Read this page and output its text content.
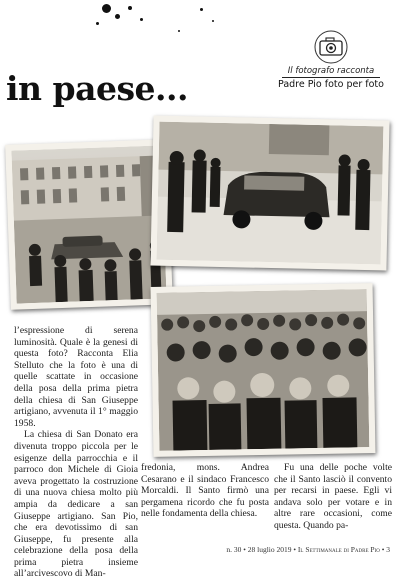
in paese...	Il fotografo racconta
Padre Pio foto per foto

l’espressione di serena luminosità. Quale è la genesi di questa foto? Racconta Elia Stelluto che la foto è una di quelle scattate in occasione della posa della prima pietra della chiesa di San Giuseppe artigiano, avvenuta il 1° maggio 1958.

La chiesa di San Donato era divenuta troppo piccola per le esigenze della parrocchia e il parroco don Michele di Gioia aveva progettato la costruzione di una nuova chiesa molto più ampia da dedicare a san Giuseppe artigiano. San Pio, che era devotissimo di san Giuseppe, fu presente alla celebrazione della posa della prima pietra insieme all’arcivescovo di Man-

fredonia, mons. Andrea Cesarano e il sindaco Francesco Morcaldi. Il Santo firmò una pergamena ricordo che fu posta nelle fondamenta della chiesa.

Fu una delle poche volte che il Santo lasciò il convento per recarsi in paese. Egli vi andava solo per votare e in altre rare occasioni, come questa. Quando pa-

n. 30 • 28 luglio 2019 • Il Settimanale di Padre Pio • 3
